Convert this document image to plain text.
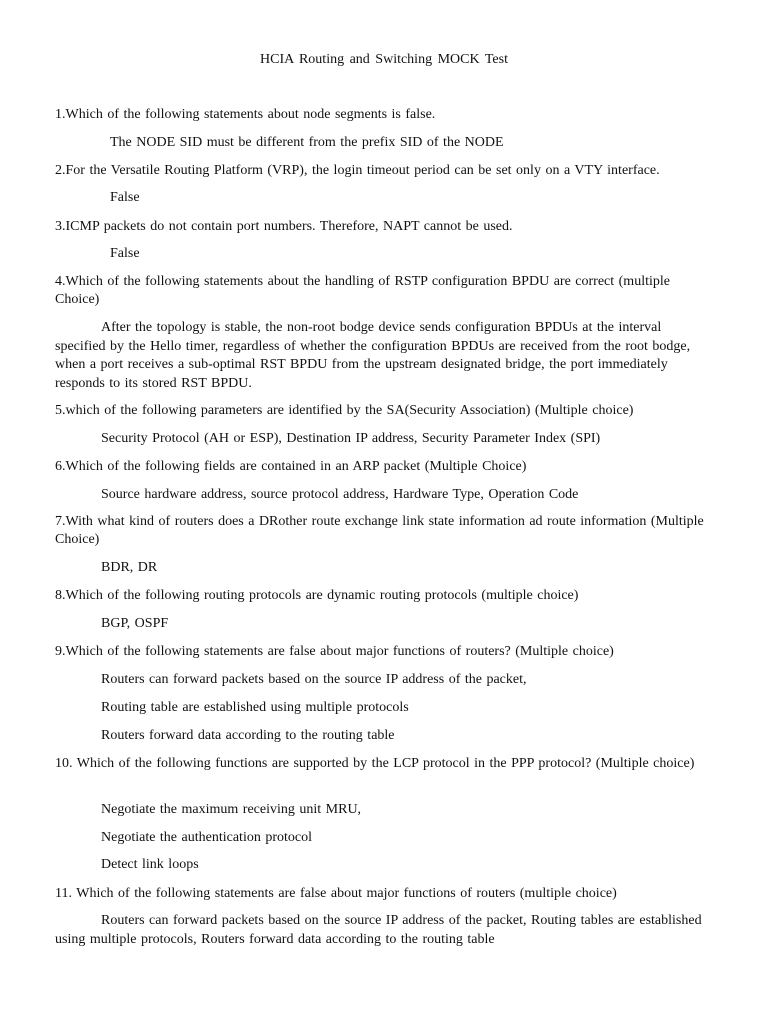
HCIA Routing and Switching MOCK Test
1.Which of the following statements about node segments is false.
The NODE SID must be different from the prefix SID of the NODE
2.For the Versatile Routing Platform (VRP), the login timeout period can be set only on a VTY interface.
False
3.ICMP packets do not contain port numbers. Therefore, NAPT cannot be used.
False
4.Which of the following statements about the handling of RSTP configuration BPDU are correct (multiple Choice)
After the topology is stable, the non-root bodge device sends configuration BPDUs at the interval specified by the Hello timer, regardless of whether the configuration BPDUs are received from the root bodge, when a port receives a sub-optimal RST BPDU from the upstream designated bridge, the port immediately responds to its stored RST BPDU.
5.which of the following parameters are identified by the SA(Security Association) (Multiple choice)
Security Protocol (AH or ESP), Destination IP address, Security Parameter Index (SPI)
6.Which of the following fields are contained in an ARP packet (Multiple Choice)
Source hardware address, source protocol address, Hardware Type, Operation Code
7.With what kind of routers does a DRother route exchange link state information ad route information (Multiple Choice)
BDR, DR
8.Which of the following routing protocols are dynamic routing protocols (multiple choice)
BGP, OSPF
9.Which of the following statements are false about major functions of routers? (Multiple choice)
Routers can forward packets based on the source IP address of the packet,
Routing table are established using multiple protocols
Routers forward data according to the routing table
10. Which of the following functions are supported by the LCP protocol in the PPP protocol? (Multiple choice)
Negotiate the maximum receiving unit MRU,
Negotiate the authentication protocol
Detect link loops
11. Which of the following statements are false about major functions of routers (multiple choice)
Routers can forward packets based on the source IP address of the packet, Routing tables are established using multiple protocols, Routers forward data according to the routing table
